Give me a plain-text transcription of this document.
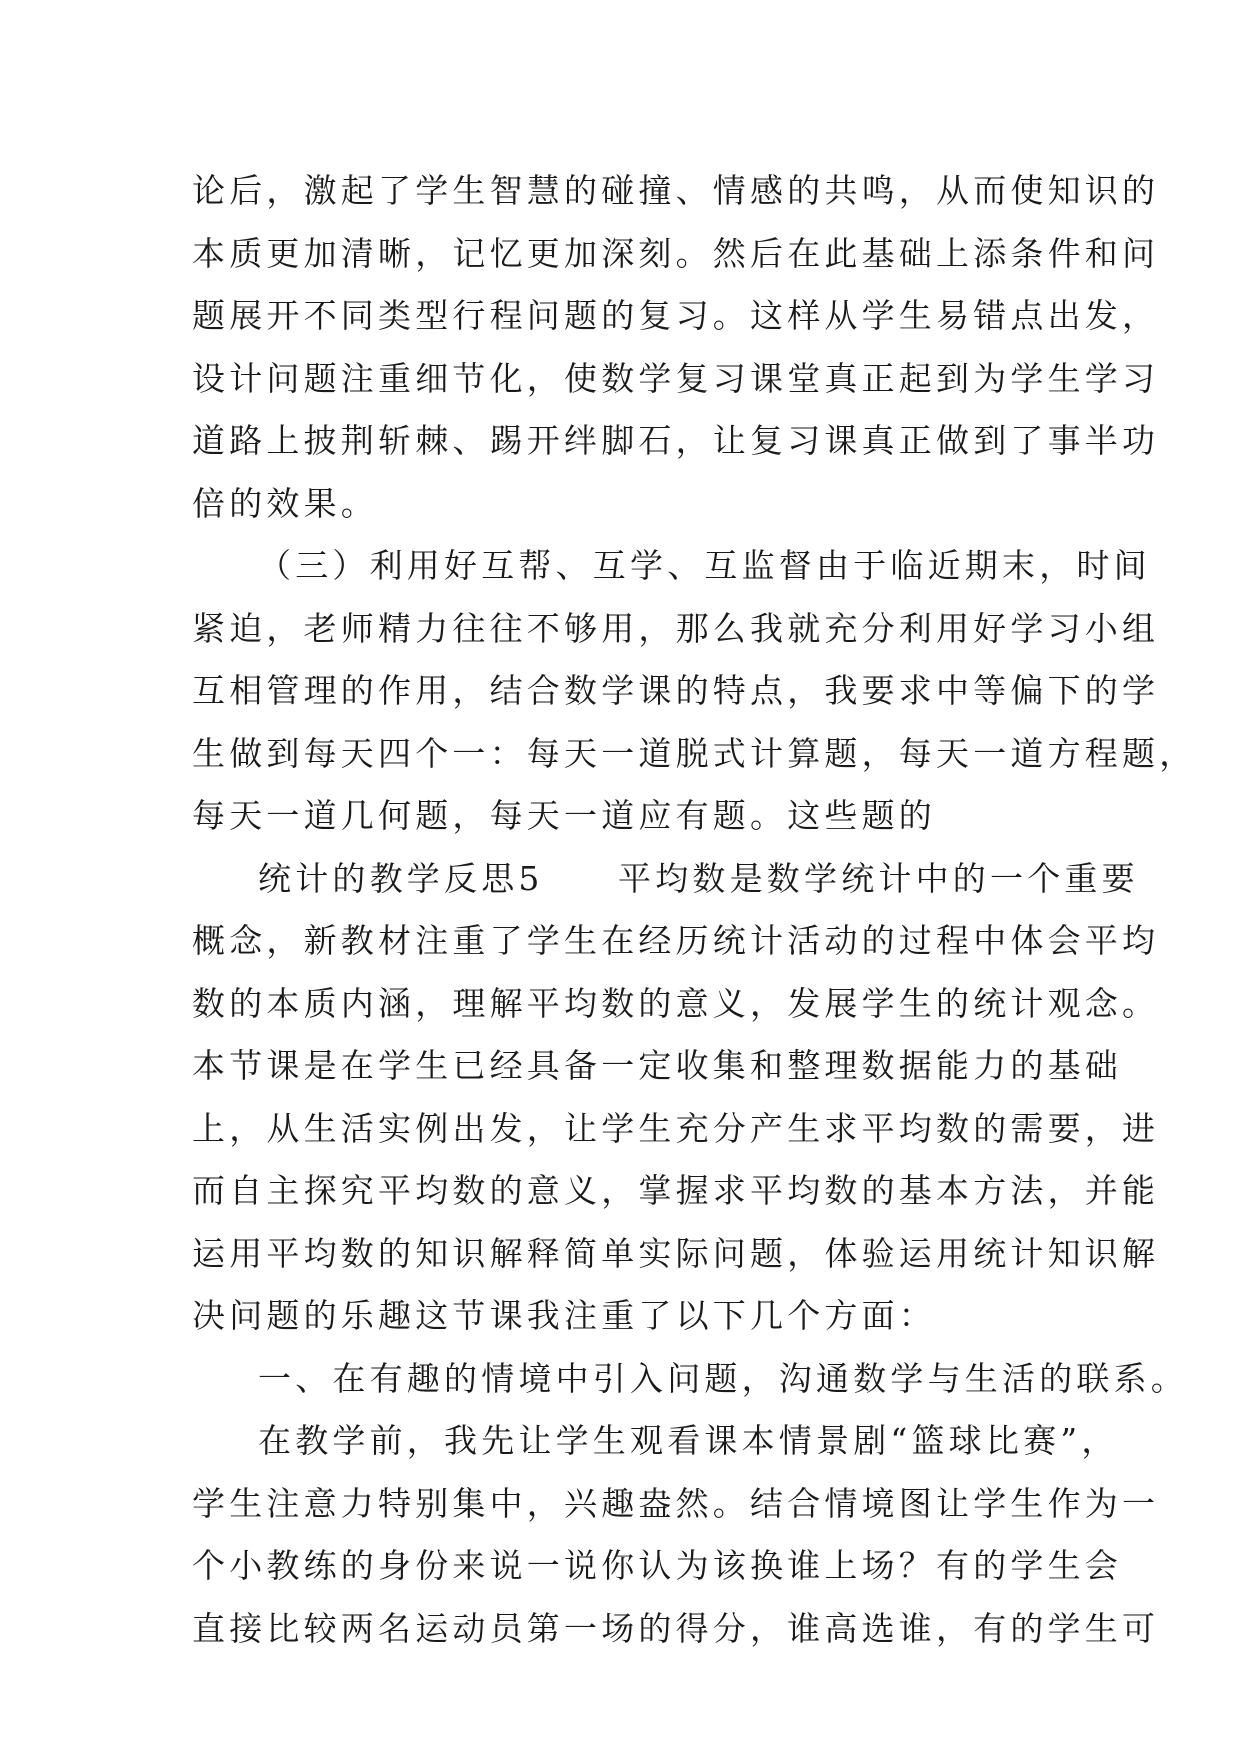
论后，激起了学生智慧的碰撞、情感的共鸣，从而使知识的
本质更加清晰，记忆更加深刻。然后在此基础上添条件和问
题展开不同类型行程问题的复习。这样从学生易错点出发，
设计问题注重细节化，使数学复习课堂真正起到为学生学习
道路上披荆斩棘、踢开绊脚石，让复习课真正做到了事半功
倍的效果。
（三）利用好互帮、互学、互监督由于临近期末，时间
紧迫，老师精力往往不够用，那么我就充分利用好学习小组
互相管理的作用，结合数学课的特点，我要求中等偏下的学
生做到每天四个一：每天一道脱式计算题，每天一道方程题，
每天一道几何题，每天一道应有题。这些题的
统计的教学反思5　　平均数是数学统计中的一个重要
概念，新教材注重了学生在经历统计活动的过程中体会平均
数的本质内涵，理解平均数的意义，发展学生的统计观念。
本节课是在学生已经具备一定收集和整理数据能力的基础
上，从生活实例出发，让学生充分产生求平均数的需要，进
而自主探究平均数的意义，掌握求平均数的基本方法，并能
运用平均数的知识解释简单实际问题，体验运用统计知识解
决问题的乐趣这节课我注重了以下几个方面：
一、在有趣的情境中引入问题，沟通数学与生活的联系。
在教学前，我先让学生观看课本情景剧“篮球比赛”，
学生注意力特别集中，兴趣盎然。结合情境图让学生作为一
个小教练的身份来说一说你认为该换谁上场？有的学生会
直接比较两名运动员第一场的得分，谁高选谁，有的学生可
